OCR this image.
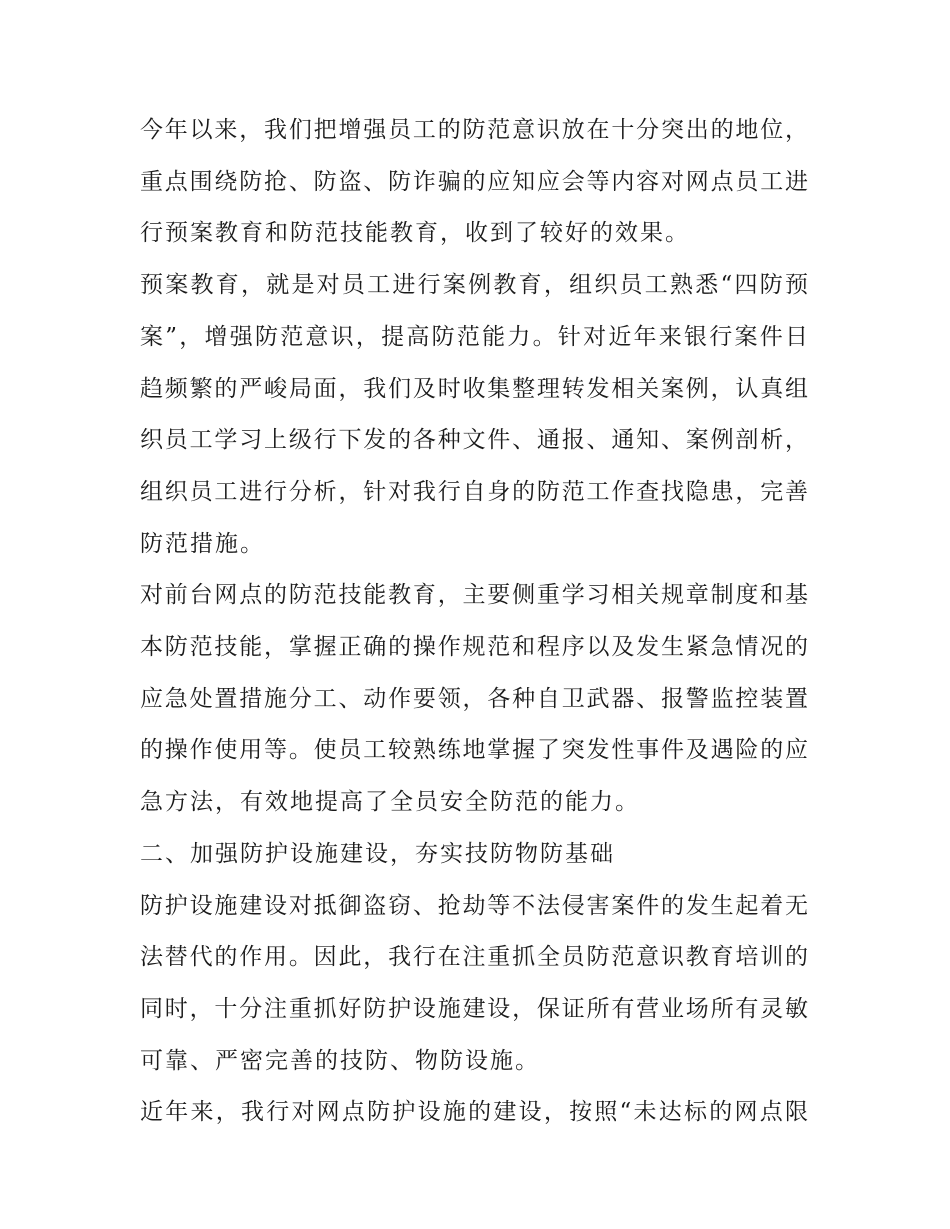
今年以来，我们把增强员工的防范意识放在十分突出的地位，
重点围绕防抢、防盗、防诈骗的应知应会等内容对网点员工进
行预案教育和防范技能教育，收到了较好的效果。
预案教育，就是对员工进行案例教育，组织员工熟悉“四防预
案”，增强防范意识，提高防范能力。针对近年来银行案件日
趋频繁的严峻局面，我们及时收集整理转发相关案例，认真组
织员工学习上级行下发的各种文件、通报、通知、案例剖析，
组织员工进行分析，针对我行自身的防范工作查找隐患，完善
防范措施。
对前台网点的防范技能教育，主要侧重学习相关规章制度和基
本防范技能，掌握正确的操作规范和程序以及发生紧急情况的
应急处置措施分工、动作要领，各种自卫武器、报警监控装置
的操作使用等。使员工较熟练地掌握了突发性事件及遇险的应
急方法，有效地提高了全员安全防范的能力。
二、加强防护设施建设，夯实技防物防基础
防护设施建设对抵御盗窃、抢劫等不法侵害案件的发生起着无
法替代的作用。因此，我行在注重抓全员防范意识教育培训的
同时，十分注重抓好防护设施建设，保证所有营业场所有灵敏
可靠、严密完善的技防、物防设施。
近年来，我行对网点防护设施的建设，按照“未达标的网点限
